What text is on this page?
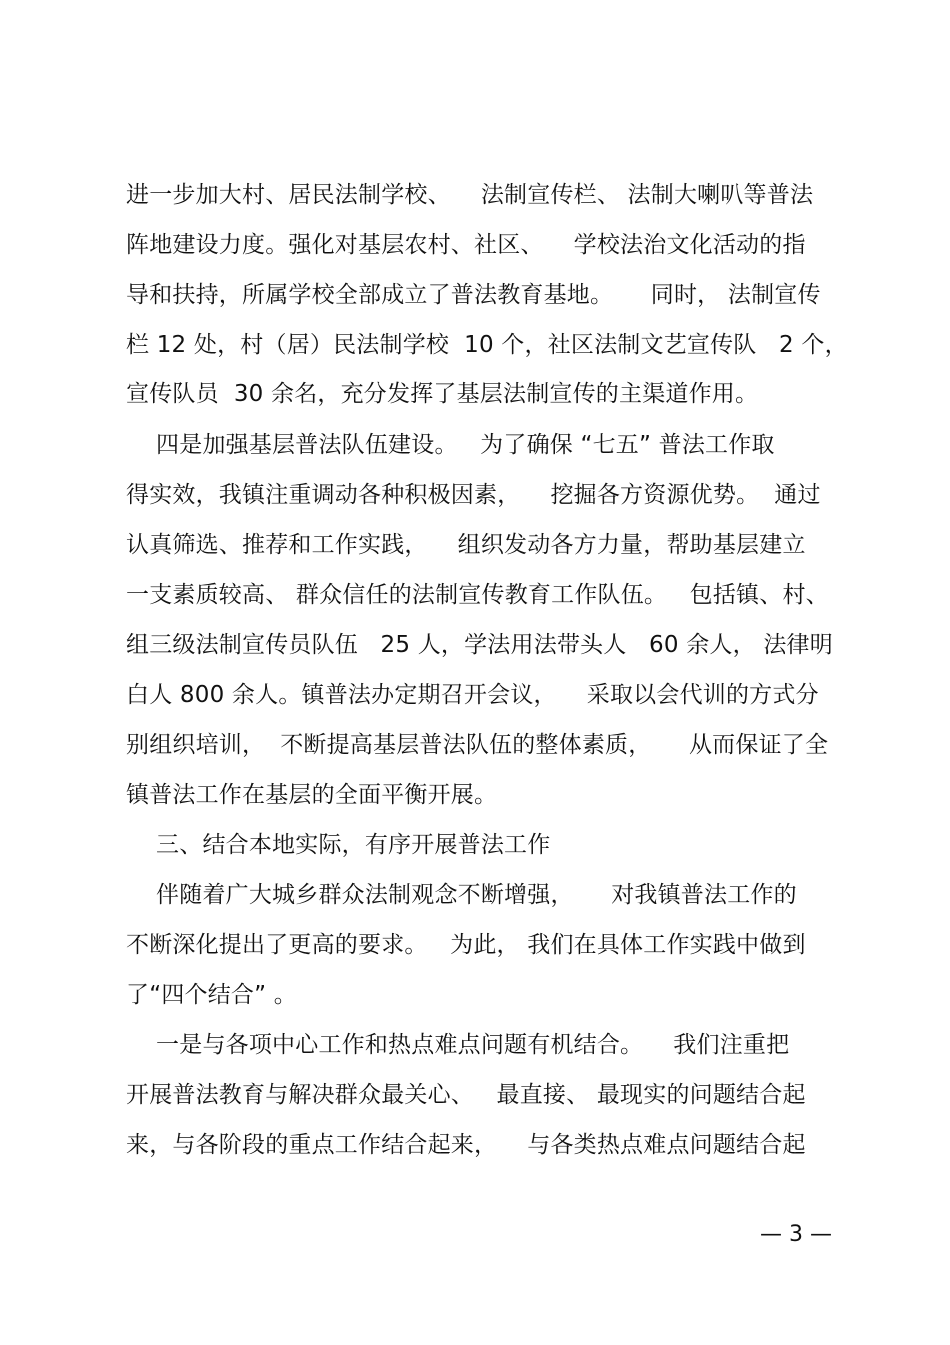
进一步加大村、居民法制学校、    法制宣传栏、 法制大喇叭等普法
阵地建设力度。强化对基层农村、社区、    学校法治文化活动的指
导和扶持，所属学校全部成立了普法教育基地。     同时， 法制宣传
栏 12 处，村（居）民法制学校  10 个，社区法制文艺宣传队   2 个，
宣传队员  30 余名，充分发挥了基层法制宣传的主渠道作用。
四是加强基层普法队伍建设。   为了确保 “七五” 普法工作取
得实效，我镇注重调动各种积极因素，    挖掘各方资源优势。  通过
认真筛选、推荐和工作实践，    组织发动各方力量，帮助基层建立
一支素质较高、 群众信任的法制宣传教育工作队伍。   包括镇、村、
组三级法制宣传员队伍   25 人，学法用法带头人   60 余人， 法律明
白人 800 余人。镇普法办定期召开会议，    采取以会代训的方式分
别组织培训，  不断提高基层普法队伍的整体素质，     从而保证了全
镇普法工作在基层的全面平衡开展。
三、结合本地实际，有序开展普法工作
伴随着广大城乡群众法制观念不断增强，     对我镇普法工作的
不断深化提出了更高的要求。   为此， 我们在具体工作实践中做到
了“四个结合” 。
一是与各项中心工作和热点难点问题有机结合。    我们注重把
开展普法教育与解决群众最关心、   最直接、 最现实的问题结合起
来，与各阶段的重点工作结合起来，    与各类热点难点问题结合起
— 3 —
